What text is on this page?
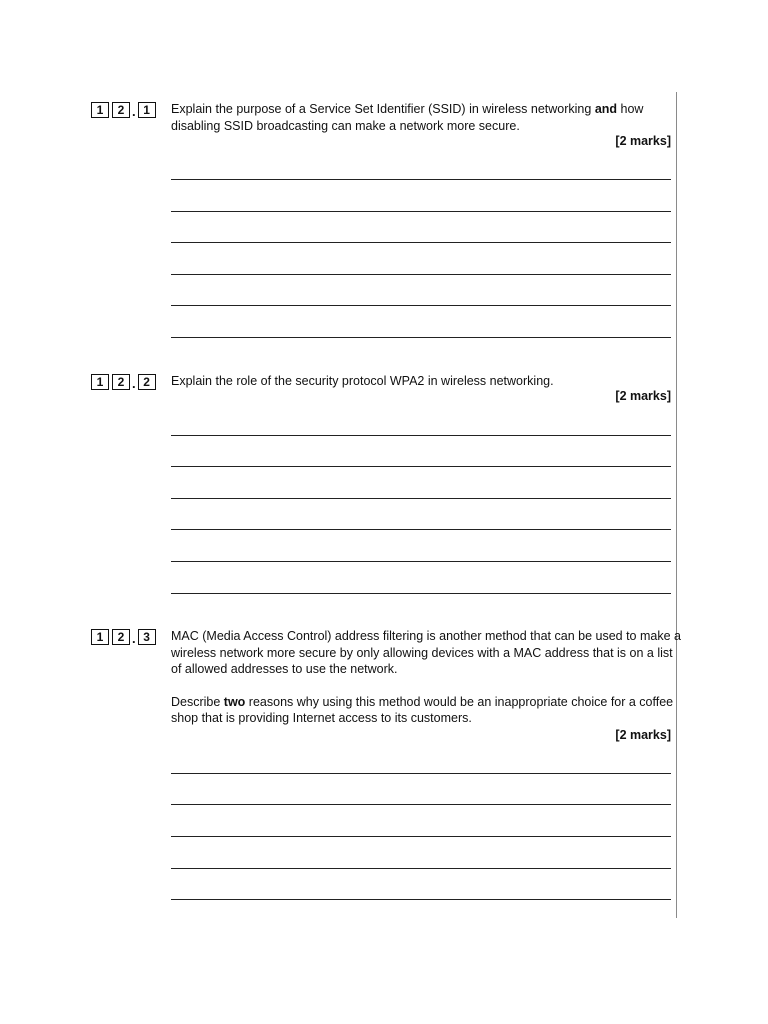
1	2 . 1	Explain the purpose of a Service Set Identifier (SSID) in wireless networking and how disabling SSID broadcasting can make a network more secure.

[2 marks]
1	2 . 2	Explain the role of the security protocol WPA2 in wireless networking.

[2 marks]
1	2 . 3	MAC (Media Access Control) address filtering is another method that can be used to make a wireless network more secure by only allowing devices with a MAC address that is on a list of allowed addresses to use the network.

Describe two reasons why using this method would be an inappropriate choice for a coffee shop that is providing Internet access to its customers.

[2 marks]
